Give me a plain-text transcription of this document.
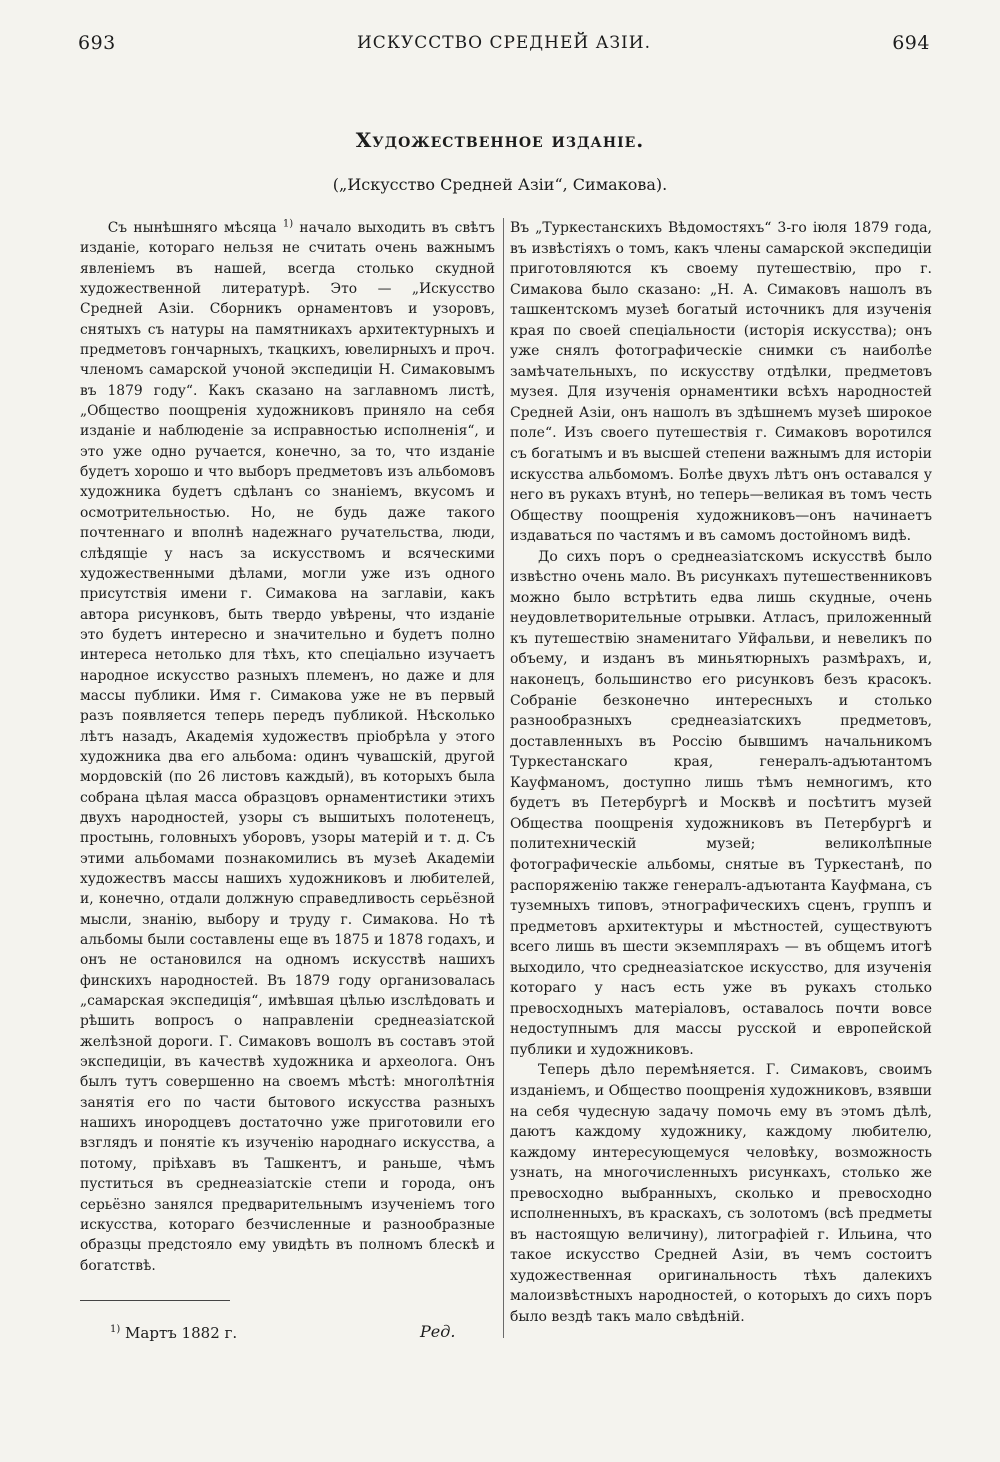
693	ИСКУССТВО СРЕДНЕЙ АЗІИ.	694
Художественное изданіе.
(„Искусство Средней Азіи“, Симакова).

Съ нынѣшняго мѣсяца $^{1)}$ начало выходить въ свѣтъ изданіе, котораго нельзя не считать очень важнымъ явленіемъ въ нашей, всегда столько скудной художественной литературѣ. Это — „Искусство Средней Азіи. Сборникъ орнаментовъ и узоровъ, снятыхъ съ натуры на памятникахъ архитектурныхъ и предметовъ гончарныхъ, ткацкихъ, ювелирныхъ и проч. членомъ самарской учоной экспедиціи Н. Симаковымъ въ 1879 году“. Какъ сказано на заглавномъ листѣ, „Общество поощренія художниковъ приняло на себя изданіе и наблюденіе за исправностью исполненія“, и это уже одно ручается, конечно, за то, что изданіе будетъ хорошо и что выборъ предметовъ изъ альбомовъ художника будетъ сдѣланъ со знаніемъ, вкусомъ и осмотрительностью. Но, не будь даже такого почтеннаго и вполнѣ надежнаго ручательства, люди, слѣдящіе у насъ за искусствомъ и всяческими художественными дѣлами, могли уже изъ одного присутствія имени г. Симакова на заглавіи, какъ автора рисунковъ, быть твердо увѣрены, что изданіе это будетъ интересно и значительно и будетъ полно интереса нетолько для тѣхъ, кто спеціально изучаетъ народное искусство разныхъ племенъ, но даже и для массы публики. Имя г. Симакова уже не въ первый разъ появляется теперь передъ публикой. Нѣсколько лѣтъ назадъ, Академія художествъ пріобрѣла у этого художника два его альбома: одинъ чувашскій, другой мордовскій (по 26 листовъ каждый), въ которыхъ была собрана цѣлая масса образцовъ орнаментистики этихъ двухъ народностей, узоры съ вышитыхъ полотенецъ, простынь, головныхъ уборовъ, узоры матерій и т. д. Съ этими альбомами познакомились въ музеѣ Академіи художествъ массы нашихъ художниковъ и любителей, и, конечно, отдали должную справедливость серьёзной мысли, знанію, выбору и труду г. Симакова. Но тѣ альбомы были составлены еще въ 1875 и 1878 годахъ, и онъ не остановился на одномъ искусствѣ нашихъ финскихъ народностей. Въ 1879 году организовалась „самарская экспедиція“, имѣвшая цѣлью изслѣдовать и рѣшить вопросъ о направленіи среднеазіатской желѣзной дороги. Г. Симаковъ вошолъ въ составъ этой экспедиціи, въ качествѣ художника и археолога. Онъ былъ тутъ совершенно на своемъ мѣстѣ: многолѣтнія занятія его по части бытового искусства разныхъ нашихъ инородцевъ достаточно уже приготовили его взглядъ и понятіе къ изученію народнаго искусства, а потому, пріѣхавъ въ Ташкентъ, и раньше, чѣмъ пуститься въ среднеазіатскіе степи и города, онъ серьёзно занялся предварительнымъ изученіемъ того искусства, котораго безчисленные и разнообразные образцы предстояло ему увидѣть въ полномъ блескѣ и богатствѣ.

Въ „Туркестанскихъ Вѣдомостяхъ“ 3-го іюля 1879 года, въ извѣстіяхъ о томъ, какъ члены самарской экспедиціи приготовляются къ своему путешествію, про г. Симакова было сказано: „Н. А. Симаковъ нашолъ въ ташкентскомъ музеѣ богатый источникъ для изученія края по своей спеціальности (исторія искусства); онъ уже снялъ фотографическіе снимки съ наиболѣе замѣчательныхъ, по искусству отдѣлки, предметовъ музея. Для изученія орнаментики всѣхъ народностей Средней Азіи, онъ нашолъ въ здѣшнемъ музеѣ широкое поле“. Изъ своего путешествія г. Симаковъ воротился съ богатымъ и въ высшей степени важнымъ для исторіи искусства альбомомъ. Болѣе двухъ лѣтъ онъ оставался у него въ рукахъ втунѣ, но теперь—великая въ томъ честь Обществу поощренія художниковъ—онъ начинаетъ издаваться по частямъ и въ самомъ достойномъ видѣ.

До сихъ поръ о среднеазіатскомъ искусствѣ было извѣстно очень мало. Въ рисункахъ путешественниковъ можно было встрѣтить едва лишь скудные, очень неудовлетворительные отрывки. Атласъ, приложенный къ путешествію знаменитаго Уйфальви, и невеликъ по объему, и изданъ въ миньятюрныхъ размѣрахъ, и, наконецъ, большинство его рисунковъ безъ красокъ. Собраніе безконечно интересныхъ и столько разнообразныхъ среднеазіатскихъ предметовъ, доставленныхъ въ Россію бывшимъ начальникомъ Туркестанскаго края, генералъ-адъютантомъ Кауфманомъ, доступно лишь тѣмъ немногимъ, кто будетъ въ Петербургѣ и Москвѣ и посѣтитъ музей Общества поощренія художниковъ въ Петербургѣ и политехническій музей; великолѣпные фотографическіе альбомы, снятые въ Туркестанѣ, по распоряженію также генералъ-адъютанта Кауфмана, съ туземныхъ типовъ, этнографическихъ сценъ, группъ и предметовъ архитектуры и мѣстностей, существуютъ всего лишь въ шести экземплярахъ — въ общемъ итогѣ выходило, что среднеазіатское искусство, для изученія котораго у насъ есть уже въ рукахъ столько превосходныхъ матеріаловъ, оставалось почти вовсе недоступнымъ для массы русской и европейской публики и художниковъ.

Теперь дѣло перемѣняется. Г. Симаковъ, своимъ изданіемъ, и Общество поощренія художниковъ, взявши на себя чудесную задачу помочь ему въ этомъ дѣлѣ, даютъ каждому художнику, каждому любителю, каждому интересующемуся человѣку, возможность узнать, на многочисленныхъ рисункахъ, столько же превосходно выбранныхъ, сколько и превосходно исполненныхъ, въ краскахъ, съ золотомъ (всѣ предметы въ настоящую величину), литографіей г. Ильина, что такое искусство Средней Азіи, въ чемъ состоитъ художественная оригинальность тѣхъ далекихъ малоизвѣстныхъ народностей, о которыхъ до сихъ поръ было вездѣ такъ мало свѣдѣній.

$^{1)}$ Мартъ 1882 г.	Ред.
